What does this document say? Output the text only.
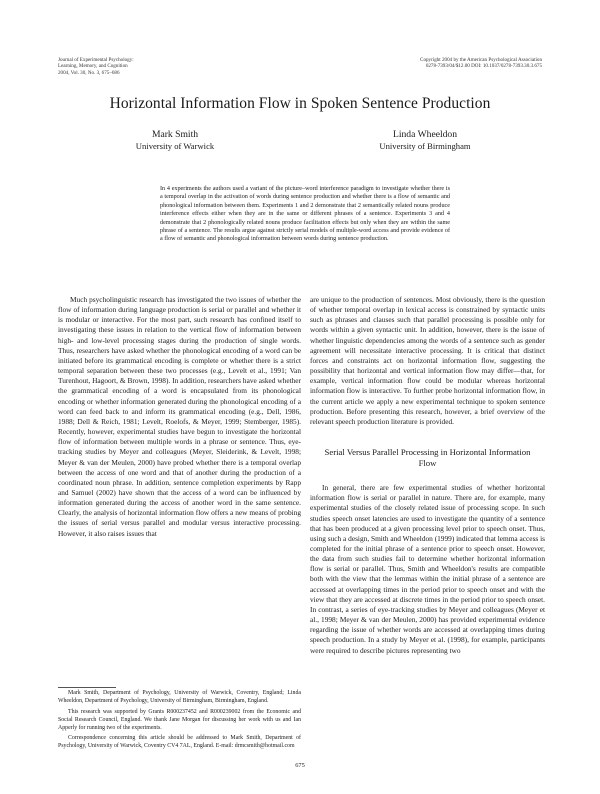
Journal of Experimental Psychology:
Learning, Memory, and Cognition
2004, Vol. 30, No. 3, 675–686
Copyright 2004 by the American Psychological Association
0278-7393/04/$12.00 DOI: 10.1037/0278-7393.30.3.675
Horizontal Information Flow in Spoken Sentence Production
Mark Smith
University of Warwick
Linda Wheeldon
University of Birmingham
In 4 experiments the authors used a variant of the picture–word interference paradigm to investigate whether there is a temporal overlap in the activation of words during sentence production and whether there is a flow of semantic and phonological information between them. Experiments 1 and 2 demonstrate that 2 semantically related nouns produce interference effects either when they are in the same or different phrases of a sentence. Experiments 3 and 4 demonstrate that 2 phonologically related nouns produce facilitation effects but only when they are within the same phrase of a sentence. The results argue against strictly serial models of multiple-word access and provide evidence of a flow of semantic and phonological information between words during sentence production.

Much psycholinguistic research has investigated the two issues of whether the flow of information during language production is serial or parallel and whether it is modular or interactive. For the most part, such research has confined itself to investigating these issues in relation to the vertical flow of information between high- and low-level processing stages during the production of single words. Thus, researchers have asked whether the phonological encoding of a word can be initiated before its grammatical encoding is complete or whether there is a strict temporal separation between these two processes (e.g., Levelt et al., 1991; Van Turenhout, Hagoort, & Brown, 1998). In addition, researchers have asked whether the grammatical encoding of a word is encapsulated from its phonological encoding or whether information generated during the phonological encoding of a word can feed back to and inform its grammatical encoding (e.g., Dell, 1986, 1988; Dell & Reich, 1981; Levelt, Roelofs, & Meyer, 1999; Stemberger, 1985). Recently, however, experimental studies have begun to investigate the horizontal flow of information between multiple words in a phrase or sentence. Thus, eye-tracking studies by Meyer and colleagues (Meyer, Sleiderink, & Levelt, 1998; Meyer & van der Meulen, 2000) have probed whether there is a temporal overlap between the access of one word and that of another during the production of a coordinated noun phrase. In addition, sentence completion experiments by Rapp and Samuel (2002) have shown that the access of a word can be influenced by information generated during the access of another word in the same sentence. Clearly, the analysis of horizontal information flow offers a new means of probing the issues of serial versus parallel and modular versus interactive processing. However, it also raises issues that

are unique to the production of sentences. Most obviously, there is the question of whether temporal overlap in lexical access is constrained by syntactic units such as phrases and clauses such that parallel processing is possible only for words within a given syntactic unit. In addition, however, there is the issue of whether linguistic dependencies among the words of a sentence such as gender agreement will necessitate interactive processing. It is critical that distinct forces and constraints act on horizontal information flow, suggesting the possibility that horizontal and vertical information flow may differ—that, for example, vertical information flow could be modular whereas horizontal information flow is interactive. To further probe horizontal information flow, in the current article we apply a new experimental technique to spoken sentence production. Before presenting this research, however, a brief overview of the relevant speech production literature is provided.

Serial Versus Parallel Processing in Horizontal Information Flow

In general, there are few experimental studies of whether horizontal information flow is serial or parallel in nature. There are, for example, many experimental studies of the closely related issue of processing scope. In such studies speech onset latencies are used to investigate the quantity of a sentence that has been produced at a given processing level prior to speech onset. Thus, using such a design, Smith and Wheeldon (1999) indicated that lemma access is completed for the initial phrase of a sentence prior to speech onset. However, the data from such studies fail to determine whether horizontal information flow is serial or parallel. Thus, Smith and Wheeldon's results are compatible both with the view that the lemmas within the initial phrase of a sentence are accessed at overlapping times in the period prior to speech onset and with the view that they are accessed at discrete times in the period prior to speech onset. In contrast, a series of eye-tracking studies by Meyer and colleagues (Meyer et al., 1998; Meyer & van der Meulen, 2000) has provided experimental evidence regarding the issue of whether words are accessed at overlapping times during speech production. In a study by Meyer et al. (1998), for example, participants were required to describe pictures representing two

Mark Smith, Department of Psychology, University of Warwick, Coventry, England; Linda Wheeldon, Department of Psychology, University of Birmingham, Birmingham, England.

This research was supported by Grants R000237452 and R000239002 from the Economic and Social Research Council, England. We thank Jane Morgan for discussing her work with us and Ian Apperly for running two of the experiments.

Correspondence concerning this article should be addressed to Mark Smith, Department of Psychology, University of Warwick, Coventry CV4 7AL, England. E-mail: drmcsmith@hotmail.com

675
